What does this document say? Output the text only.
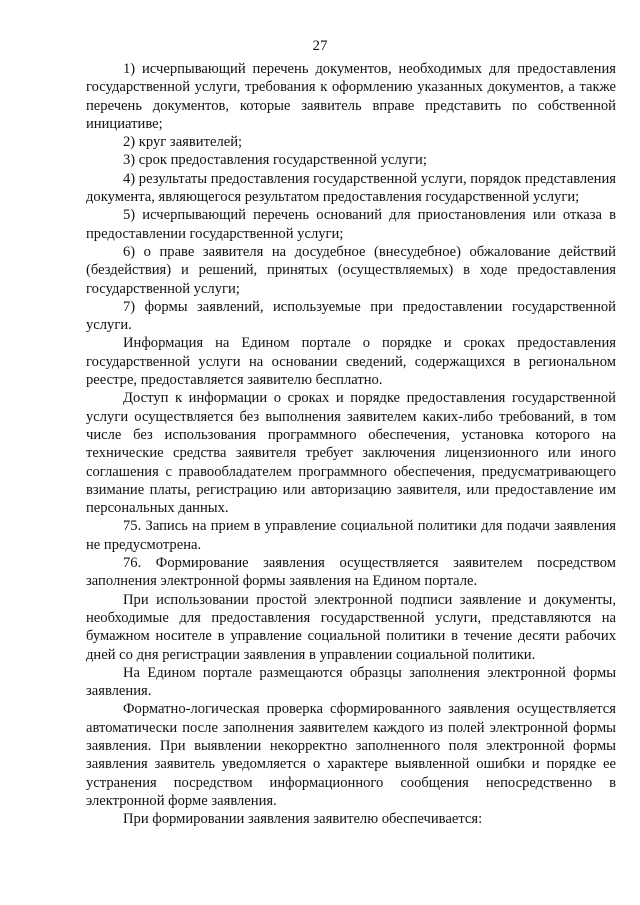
27

1) исчерпывающий перечень документов, необходимых для предоставления государственной услуги, требования к оформлению указанных документов, а также перечень документов, которые заявитель вправе представить по собственной инициативе;

2) круг заявителей;

3) срок предоставления государственной услуги;

4) результаты предоставления государственной услуги, порядок представления документа, являющегося результатом предоставления государственной услуги;

5) исчерпывающий перечень оснований для приостановления или отказа в предоставлении государственной услуги;

6) о праве заявителя на досудебное (внесудебное) обжалование действий (бездействия) и решений, принятых (осуществляемых) в ходе предоставления государственной услуги;

7) формы заявлений, используемые при предоставлении государственной услуги.

Информация на Едином портале о порядке и сроках предоставления государственной услуги на основании сведений, содержащихся в региональном реестре, предоставляется заявителю бесплатно.

Доступ к информации о сроках и порядке предоставления государственной услуги осуществляется без выполнения заявителем каких-либо требований, в том числе без использования программного обеспечения, установка которого на технические средства заявителя требует заключения лицензионного или иного соглашения с правообладателем программного обеспечения, предусматривающего взимание платы, регистрацию или авторизацию заявителя, или предоставление им персональных данных.

75. Запись на прием в управление социальной политики для подачи заявления не предусмотрена.

76. Формирование заявления осуществляется заявителем посредством заполнения электронной формы заявления на Едином портале.

При использовании простой электронной подписи заявление и документы, необходимые для предоставления государственной услуги, представляются на бумажном носителе в управление социальной политики в течение десяти рабочих дней со дня регистрации заявления в управлении социальной политики.

На Едином портале размещаются образцы заполнения электронной формы заявления.

Форматно-логическая проверка сформированного заявления осуществляется автоматически после заполнения заявителем каждого из полей электронной формы заявления. При выявлении некорректно заполненного поля электронной формы заявления заявитель уведомляется о характере выявленной ошибки и порядке ее устранения посредством информационного сообщения непосредственно в электронной форме заявления.

При формировании заявления заявителю обеспечивается:
